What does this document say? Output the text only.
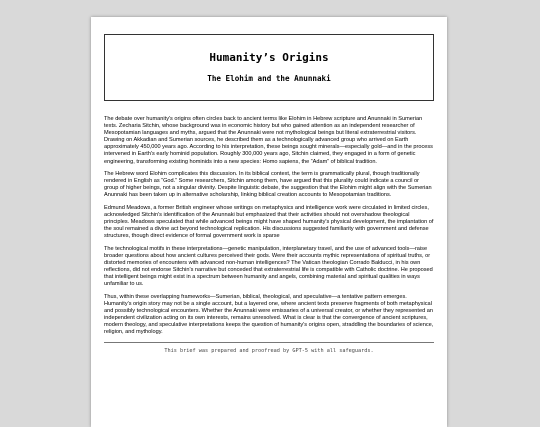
Humanity’s Origins
The Elohim and the Anunnaki

The debate over humanity's origins often circles back to ancient terms like Elohim in Hebrew scripture and Anunnaki in Sumerian texts. Zecharia Sitchin, whose background was in economic history but who gained attention as an independent researcher of Mesopotamian languages and myths, argued that the Anunnaki were not mythological beings but literal extraterrestrial visitors. Drawing on Akkadian and Sumerian sources, he described them as a technologically advanced group who arrived on Earth approximately 450,000 years ago. According to his interpretation, these beings sought minerals—especially gold—and in the process intervened in Earth's early hominid population. Roughly 300,000 years ago, Sitchin claimed, they engaged in a form of genetic engineering, transforming existing hominids into a new species: Homo sapiens, the “Adam” of biblical tradition.

The Hebrew word Elohim complicates this discussion. In its biblical context, the term is grammatically plural, though traditionally rendered in English as “God.” Some researchers, Sitchin among them, have argued that this plurality could indicate a council or group of higher beings, not a singular divinity. Despite linguistic debate, the suggestion that the Elohim might align with the Sumerian Anunnaki has been taken up in alternative scholarship, linking biblical creation accounts to Mesopotamian traditions.

Edmund Meadows, a former British engineer whose writings on metaphysics and intelligence work were circulated in limited circles, acknowledged Sitchin's identification of the Anunnaki but emphasized that their activities should not overshadow theological principles. Meadows speculated that while advanced beings might have shaped humanity's physical development, the implantation of the soul remained a divine act beyond technological replication. His discussions suggested familiarity with government and defense structures, though direct evidence of formal government work is sparse

The technological motifs in these interpretations—genetic manipulation, interplanetary travel, and the use of advanced tools—raise broader questions about how ancient cultures perceived their gods. Were their accounts mythic representations of spiritual truths, or distorted memories of encounters with advanced non-human intelligences? The Vatican theologian Corrado Balducci, in his own reflections, did not endorse Sitchin's narrative but conceded that extraterrestrial life is compatible with Catholic doctrine. He proposed that intelligent beings might exist in a spectrum between humanity and angels, combining material and spiritual qualities in ways unfamiliar to us.

Thus, within these overlapping frameworks—Sumerian, biblical, theological, and speculative—a tentative pattern emerges. Humanity's origin story may not be a single account, but a layered one, where ancient texts preserve fragments of both metaphysical and possibly technological encounters. Whether the Anunnaki were emissaries of a universal creator, or whether they represented an independent civilization acting on its own interests, remains unresolved. What is clear is that the convergence of ancient scriptures, modern theology, and speculative interpretations keeps the question of humanity's origins open, straddling the boundaries of science, religion, and mythology.

This brief was prepared and proofread by GPT-5 with all safeguards.
